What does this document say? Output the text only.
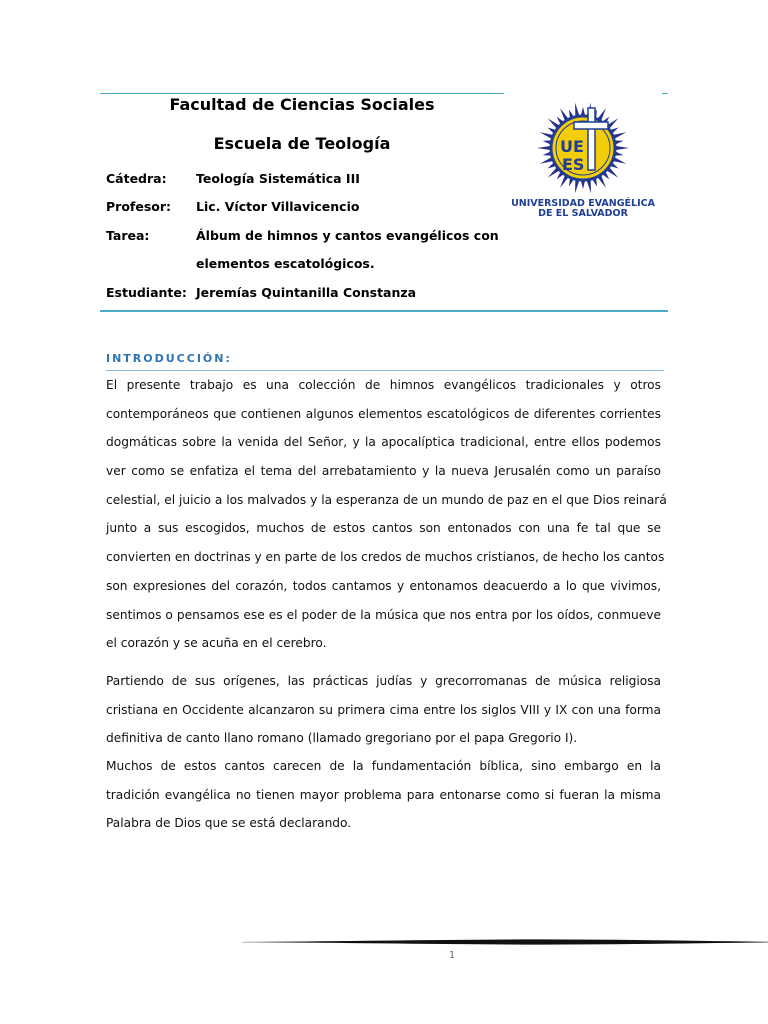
Facultad de Ciencias Sociales
Escuela de Teología
Cátedra:	Teología Sistemática III
Profesor:	Lic. Víctor Villavicencio
Tarea:	Álbum de himnos y cantos evangélicos con
elementos escatológicos.
Estudiante: Jeremías Quintanilla Constanza
UE
ES
UNIVERSIDAD EVANGÉLICA
DE EL SALVADOR
INTRODUCCIÓN:
El presente trabajo es una colección de himnos evangélicos tradicionales y otros
contemporáneos que contienen algunos elementos escatológicos de diferentes corrientes
dogmáticas sobre la venida del Señor, y la apocalíptica tradicional, entre ellos podemos
ver como se enfatiza el tema del arrebatamiento y la nueva Jerusalén como un paraíso
celestial, el juicio a los malvados y la esperanza de un mundo de paz en el que Dios reinará
junto a sus escogidos, muchos de estos cantos son entonados con una fe tal que se
convierten en doctrinas y en parte de los credos de muchos cristianos, de hecho los cantos
son expresiones del corazón, todos cantamos y entonamos deacuerdo a lo que vivimos,
sentimos o pensamos ese es el poder de la música que nos entra por los oídos, conmueve
el corazón y se acuña en el cerebro.
Partiendo de sus orígenes, las prácticas judías y grecorromanas de música religiosa
cristiana en Occidente alcanzaron su primera cima entre los siglos VIII y IX con una forma
definitiva de canto llano romano (llamado gregoriano por el papa Gregorio I).
Muchos de estos cantos carecen de la fundamentación bíblica, sino embargo en la
tradición evangélica no tienen mayor problema para entonarse como si fueran la misma
Palabra de Dios que se está declarando.
1
